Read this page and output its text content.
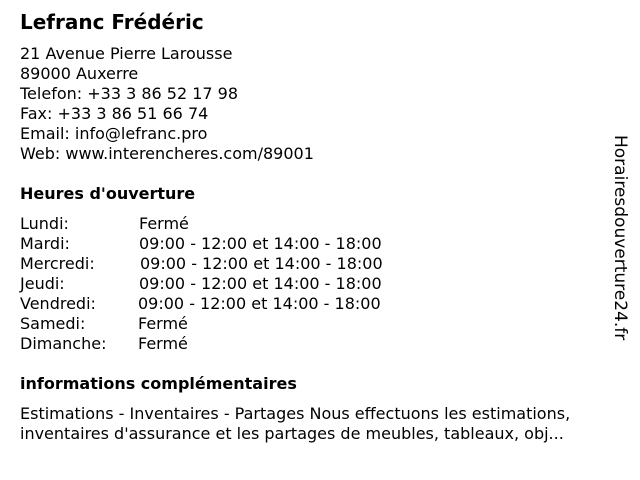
Lefranc Frédéric
21 Avenue Pierre Larousse
89000 Auxerre
Telefon: +33 3 86 52 17 98
Fax: +33 3 86 51 66 74
Email: info@lefranc.pro
Web: www.interencheres.com/89001
Heures d'ouverture
Lundi:	Fermé
Mardi:	09:00 - 12:00 et 14:00 - 18:00
Mercredi:	09:00 - 12:00 et 14:00 - 18:00
Jeudi:	09:00 - 12:00 et 14:00 - 18:00
Vendredi:	09:00 - 12:00 et 14:00 - 18:00
Samedi:	Fermé
Dimanche: Fermé
informations complémentaires
Estimations - Inventaires - Partages Nous effectuons les estimations, inventaires d'assurance et les partages de meubles, tableaux, obj...
Horairesdouverture24.fr
